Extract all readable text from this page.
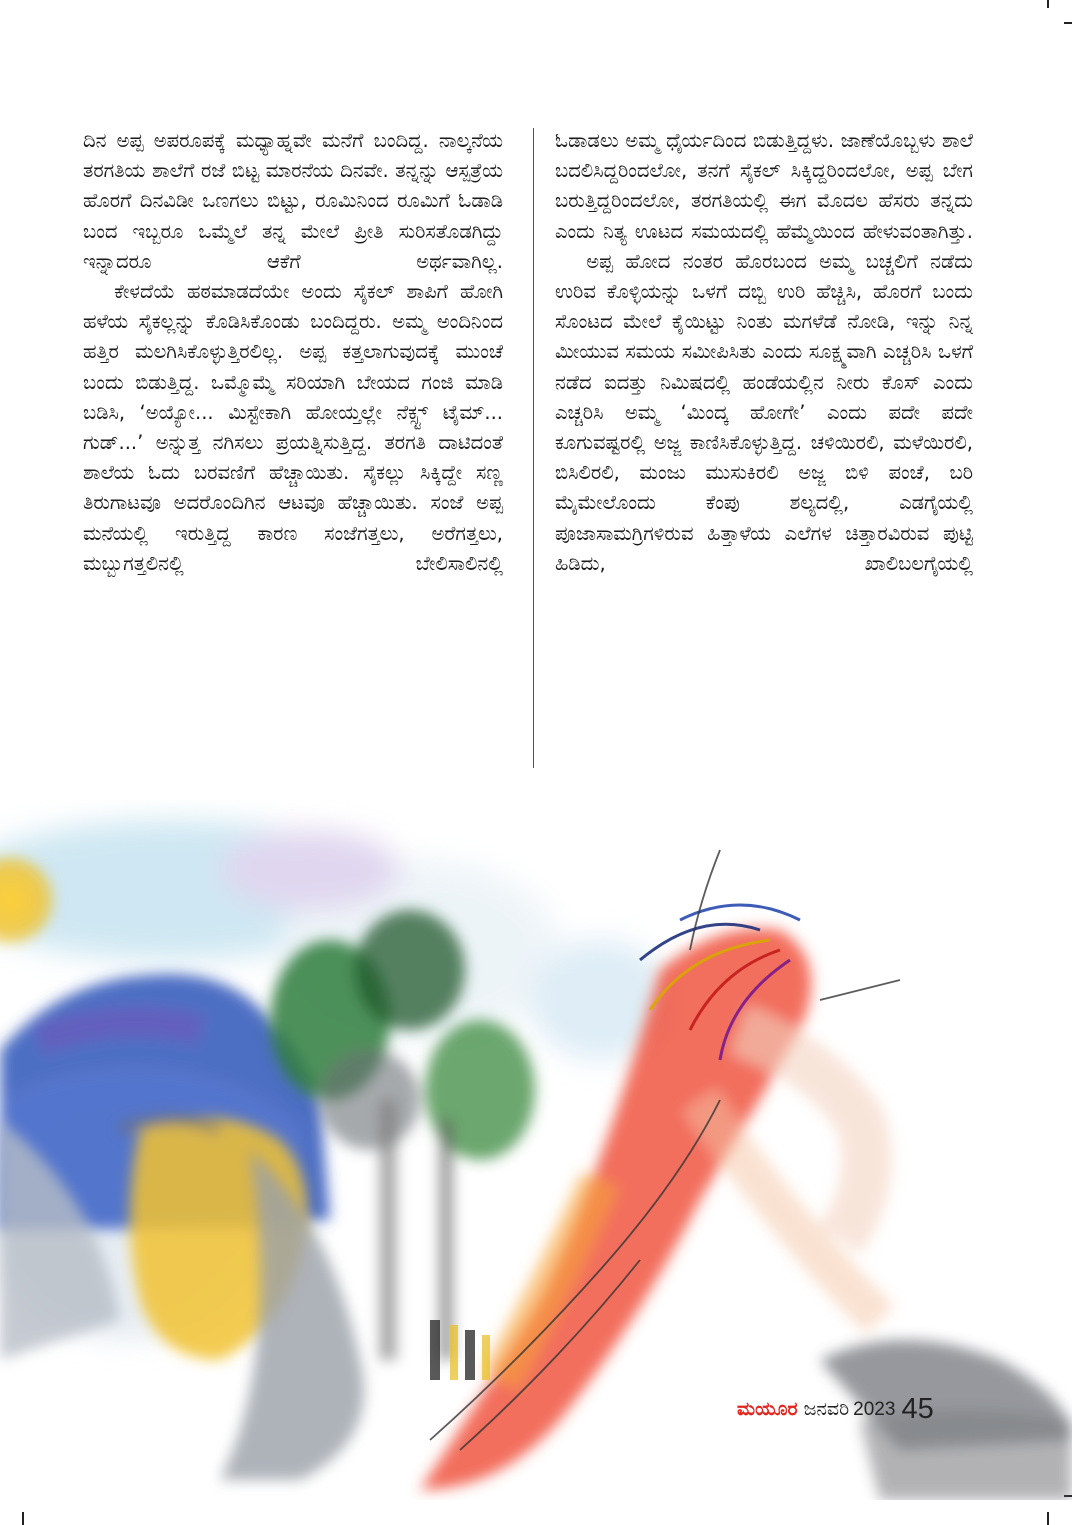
ದಿನ ಅಪ್ಪ ಅಪರೂಪಕ್ಕೆ ಮಧ್ಯಾಹ್ನವೇ ಮನೆಗೆ ಬಂದಿದ್ದ. ನಾಲ್ಕನೆಯ ತರಗತಿಯ ಶಾಲೆಗೆ ರಜೆ ಬಿಟ್ಟ ಮಾರನೆಯ ದಿನವೇ. ತನ್ನನ್ನು ಆಸ್ಪತ್ರೆಯ ಹೊರಗೆ ದಿನವಿಡೀ ಒಣಗಲು ಬಿಟ್ಟು, ರೂಮಿನಿಂದ ರೂಮಿಗೆ ಓಡಾಡಿ ಬಂದ ಇಬ್ಬರೂ ಒಮ್ಮೆಲೆ ತನ್ನ ಮೇಲೆ ಪ್ರೀತಿ ಸುರಿಸತೊಡಗಿದ್ದು ಇನ್ನಾದರೂ ಆಕೆಗೆ ಅರ್ಥವಾಗಿಲ್ಲ.

ಕೇಳದೆಯೆ ಹಠಮಾಡದೆಯೇ ಅಂದು ಸೈಕಲ್ ಶಾಪಿಗೆ ಹೋಗಿ ಹಳೆಯ ಸೈಕಲ್ಲನ್ನು ಕೊಡಿಸಿಕೊಂಡು ಬಂದಿದ್ದರು. ಅಮ್ಮ ಅಂದಿನಿಂದ ಹತ್ತಿರ ಮಲಗಿಸಿಕೊಳ್ಳುತ್ತಿರಲಿಲ್ಲ. ಅಪ್ಪ ಕತ್ತಲಾಗುವುದಕ್ಕೆ ಮುಂಚೆ ಬಂದು ಬಿಡುತ್ತಿದ್ದ. ಒಮ್ಮೊಮ್ಮೆ ಸರಿಯಾಗಿ ಬೇಯದ ಗಂಜಿ ಮಾಡಿ ಬಡಿಸಿ, ‘ಅಯ್ಯೋ... ಮಿಸ್ಟೇಕಾಗಿ ಹೋಯ್ತಲ್ಲೇ ನೆಕ್ಸ್ಟ್ ಟೈಮ್... ಗುಡ್...’ ಅನ್ನುತ್ತ ನಗಿಸಲು ಪ್ರಯತ್ನಿಸುತ್ತಿದ್ದ. ತರಗತಿ ದಾಟಿದಂತೆ ಶಾಲೆಯ ಓದು ಬರವಣಿಗೆ ಹೆಚ್ಚಾಯಿತು. ಸೈಕಲ್ಲು ಸಿಕ್ಕಿದ್ದೇ ಸಣ್ಣ ತಿರುಗಾಟವೂ ಅದರೊಂದಿಗಿನ ಆಟವೂ ಹೆಚ್ಚಾಯಿತು. ಸಂಜೆ ಅಪ್ಪ ಮನೆಯಲ್ಲಿ ಇರುತ್ತಿದ್ದ ಕಾರಣ ಸಂಜೆಗತ್ತಲು, ಅರೆಗತ್ತಲು, ಮಬ್ಬುಗತ್ತಲಿನಲ್ಲಿ ಬೇಲಿಸಾಲಿನಲ್ಲಿ

ಓಡಾಡಲು ಅಮ್ಮ ಧೈರ್ಯದಿಂದ ಬಿಡುತ್ತಿದ್ದಳು. ಜಾಣೆಯೊಬ್ಬಳು ಶಾಲೆ ಬದಲಿಸಿದ್ದರಿಂದಲೋ, ತನಗೆ ಸೈಕಲ್ ಸಿಕ್ಕಿದ್ದರಿಂದಲೋ, ಅಪ್ಪ ಬೇಗ ಬರುತ್ತಿದ್ದರಿಂದಲೋ, ತರಗತಿಯಲ್ಲಿ ಈಗ ಮೊದಲ ಹೆಸರು ತನ್ನದು ಎಂದು ನಿತ್ಯ ಊಟದ ಸಮಯದಲ್ಲಿ ಹೆಮ್ಮೆಯಿಂದ ಹೇಳುವಂತಾಗಿತ್ತು.

ಅಪ್ಪ ಹೋದ ನಂತರ ಹೊರಬಂದ ಅಮ್ಮ ಬಚ್ಚಲಿಗೆ ನಡೆದು ಉರಿವ ಕೊಳ್ಳಿಯನ್ನು ಒಳಗೆ ದಬ್ಬಿ ಉರಿ ಹೆಚ್ಚಿಸಿ, ಹೊರಗೆ ಬಂದು ಸೊಂಟದ ಮೇಲೆ ಕೈಯಿಟ್ಟು ನಿಂತು ಮಗಳೆಡೆ ನೋಡಿ, ಇನ್ನು ನಿನ್ನ ಮೀಯುವ ಸಮಯ ಸಮೀಪಿಸಿತು ಎಂದು ಸೂಕ್ಷ್ಮವಾಗಿ ಎಚ್ಚರಿಸಿ ಒಳಗೆ ನಡೆದ ಐದತ್ತು ನಿಮಿಷದಲ್ಲಿ ಹಂಡೆಯಲ್ಲಿನ ನೀರು ಕೊಸ್ ಎಂದು ಎಚ್ಚರಿಸಿ ಅಮ್ಮ ‘ಮಿಂದ್ಕ ಹೋಗೇ’ ಎಂದು ಪದೇ ಪದೇ ಕೂಗುವಷ್ಟರಲ್ಲಿ ಅಜ್ಜ ಕಾಣಿಸಿಕೊಳ್ಳುತ್ತಿದ್ದ. ಚಳಿಯಿರಲಿ, ಮಳೆಯಿರಲಿ, ಬಿಸಿಲಿರಲಿ, ಮಂಜು ಮುಸುಕಿರಲಿ ಅಜ್ಜ ಬಿಳಿ ಪಂಚೆ, ಬರಿ ಮೈಮೇಲೊಂದು ಕೆಂಪು ಶಲ್ಯದಲ್ಲಿ, ಎಡಗೈಯಲ್ಲಿ ಪೂಜಾಸಾಮಗ್ರಿಗಳಿರುವ ಹಿತ್ತಾಳೆಯ ಎಲೆಗಳ ಚಿತ್ತಾರವಿರುವ ಪುಟ್ಟಿ ಹಿಡಿದು, ಖಾಲಿಬಲಗೈಯಲ್ಲಿ

ಮಯೂರ ಜನವರಿ 2023 45
